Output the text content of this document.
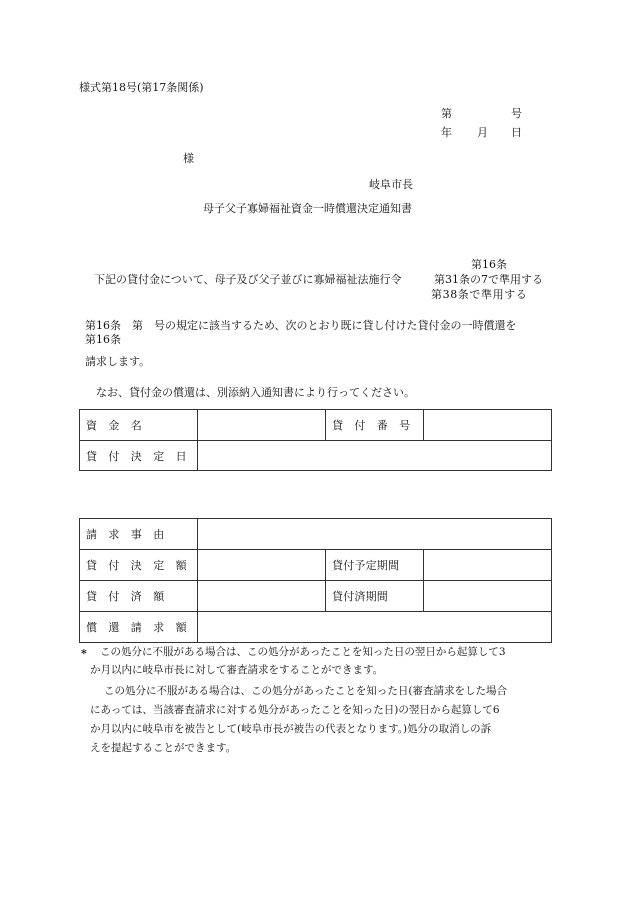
様式第18号(第17条関係)
第	号
年 月 日
様
岐阜市長
母子父子寡婦福祉資金一時償還決定通知書
第16条
下記の貸付金について、母子及び父子並びに寡婦福祉法施行令	第31条の7で準用する
第38条で準用する
第16条　第　号の規定に該当するため、次のとおり既に貸し付けた貸付金の一時償還を
第16条
請求します。
なお、貸付金の償還は、別添納入通知書により行ってください。
資　金　名		貸　付　番　号	
貸　付　決　定　日			
請　求　事　由			
貸　付　決　定　額		貸付予定期間	
貸　付　済　額		貸付済期間	
償　還　請　求　額			
* この処分に不服がある場合は、この処分があったことを知った日の翌日から起算して3
か月以内に岐阜市長に対して審査請求をすることができます。
この処分に不服がある場合は、この処分があったことを知った日(審査請求をした場合
にあっては、当該審査請求に対する処分があったことを知った日)の翌日から起算して6
か月以内に岐阜市を被告として(岐阜市長が被告の代表となります。)処分の取消しの訴
えを提起することができます。
